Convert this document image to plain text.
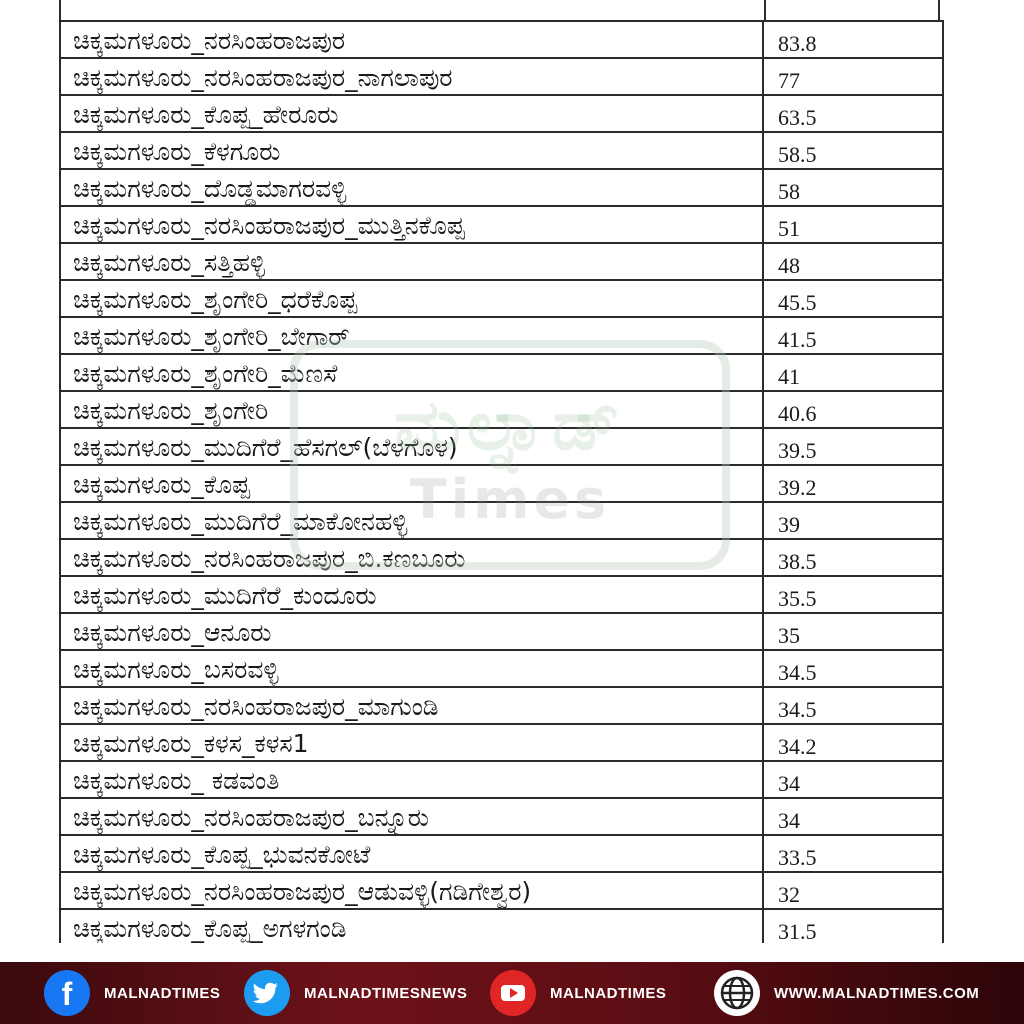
ಚಿಕ್ಕಮಗಳೂರು_ನರಸಿಂಹರಾಜಪುರ	83.8
ಚಿಕ್ಕಮಗಳೂರು_ನರಸಿಂಹರಾಜಪುರ_ನಾಗಲಾಪುರ	77
ಚಿಕ್ಕಮಗಳೂರು_ಕೊಪ್ಪ_ಹೇರೂರು	63.5
ಚಿಕ್ಕಮಗಳೂರು_ಕೆಳಗೂರು	58.5
ಚಿಕ್ಕಮಗಳೂರು_ದೊಡ್ಡಮಾಗರವಳ್ಳಿ	58
ಚಿಕ್ಕಮಗಳೂರು_ನರಸಿಂಹರಾಜಪುರ_ಮುತ್ತಿನಕೊಪ್ಪ	51
ಚಿಕ್ಕಮಗಳೂರು_ಸತ್ತಿಹಳ್ಳಿ	48
ಚಿಕ್ಕಮಗಳೂರು_ಶೃಂಗೇರಿ_ಧರೆಕೊಪ್ಪ	45.5
ಚಿಕ್ಕಮಗಳೂರು_ಶೃಂಗೇರಿ_ಬೇಗಾರ್	41.5
ಚಿಕ್ಕಮಗಳೂರು_ಶೃಂಗೇರಿ_ಮೆಣಸೆ	41
ಚಿಕ್ಕಮಗಳೂರು_ಶೃಂಗೇರಿ	40.6
ಚಿಕ್ಕಮಗಳೂರು_ಮುದಿಗೆರೆ_ಹೆಸಗಲ್(ಬೆಳಗೊಳ)	39.5
ಚಿಕ್ಕಮಗಳೂರು_ಕೊಪ್ಪ	39.2
ಚಿಕ್ಕಮಗಳೂರು_ಮುದಿಗೆರೆ_ಮಾಕೋನಹಳ್ಳಿ	39
ಚಿಕ್ಕಮಗಳೂರು_ನರಸಿಂಹರಾಜಪುರ_ಬಿ.ಕಣಬೂರು	38.5
ಚಿಕ್ಕಮಗಳೂರು_ಮುದಿಗೆರೆ_ಕುಂದೂರು	35.5
ಚಿಕ್ಕಮಗಳೂರು_ಆನೂರು	35
ಚಿಕ್ಕಮಗಳೂರು_ಬಸರವಳ್ಳಿ	34.5
ಚಿಕ್ಕಮಗಳೂರು_ನರಸಿಂಹರಾಜಪುರ_ಮಾಗುಂಡಿ	34.5
ಚಿಕ್ಕಮಗಳೂರು_ಕಳಸ_ಕಳಸ1	34.2
ಚಿಕ್ಕಮಗಳೂರು_ ಕಡವಂತಿ	34
ಚಿಕ್ಕಮಗಳೂರು_ನರಸಿಂಹರಾಜಪುರ_ಬನ್ನೂರು	34
ಚಿಕ್ಕಮಗಳೂರು_ಕೊಪ್ಪ_ಭುವನಕೋಟೆ	33.5
ಚಿಕ್ಕಮಗಳೂರು_ನರಸಿಂಹರಾಜಪುರ_ಆಡುವಳ್ಳಿ(ಗಡಿಗೇಶ್ವರ)	32
ಚಿಕ್ಕಮಗಳೂರು_ಕೊಪ್ಪ_ಅಗಳಗಂಡಿ	31.5
ಮಲ್ನಾಡ್
Times
f MALNADTIMES	MALNADTIMESNEWS	MALNADTIMES	WWW.MALNADTIMES.COM
